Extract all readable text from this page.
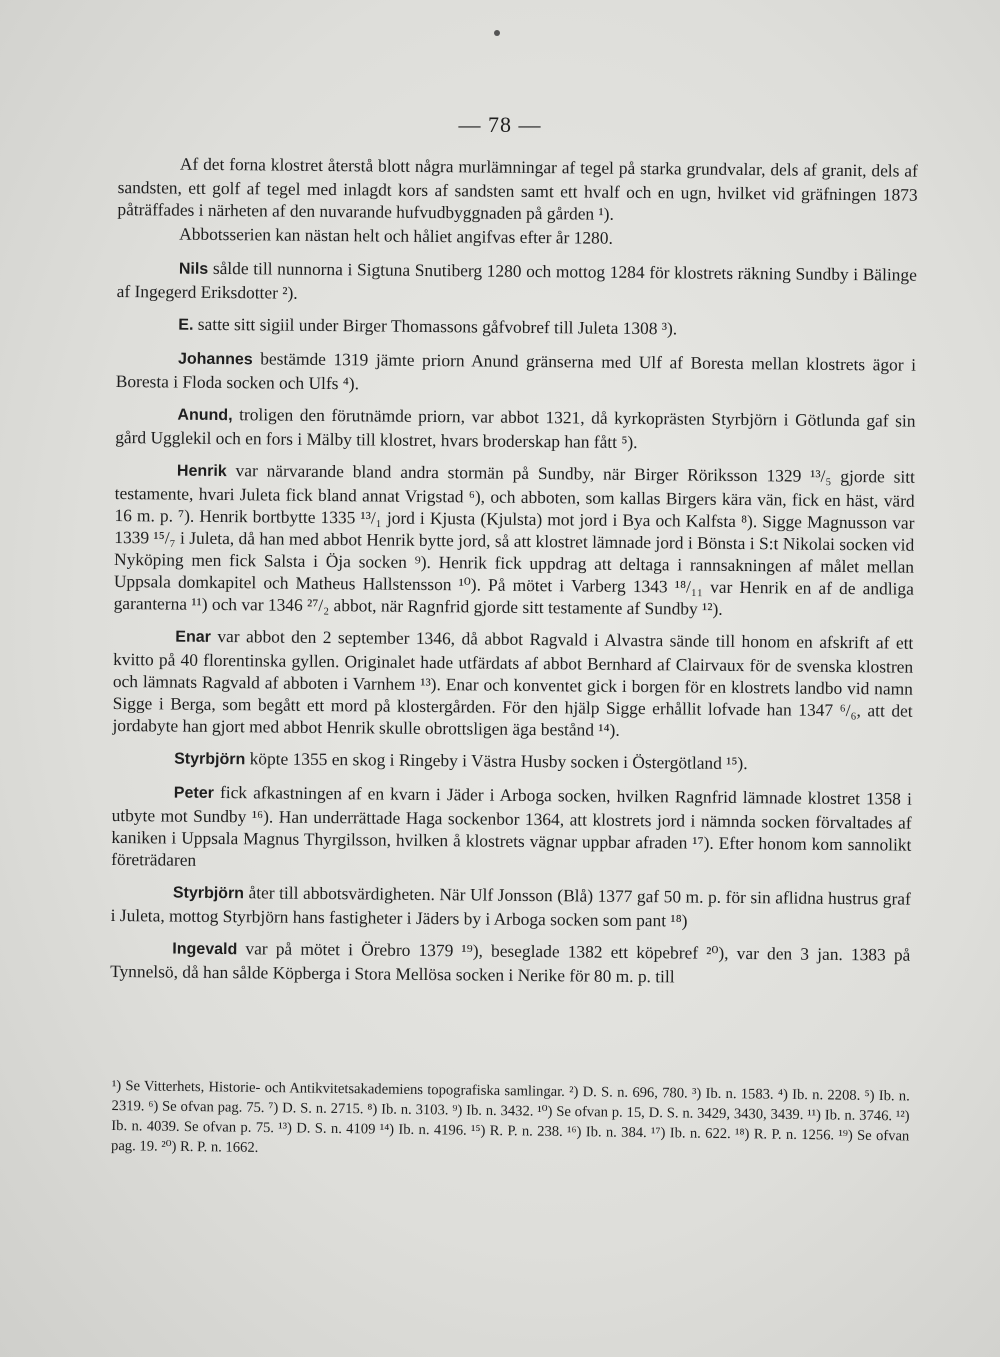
— 78 —

Af det forna klostret återstå blott några murlämningar af tegel på starka grundvalar, dels af granit, dels af sandsten, ett golf af tegel med inlagdt kors af sandsten samt ett hvalf och en ugn, hvilket vid gräfningen 1873 påträffades i närheten af den nuvarande hufvudbyggnaden på gården ¹).

Abbotsserien kan nästan helt och håliet angifvas efter år 1280.

Nils sålde till nunnorna i Sigtuna Snutiberg 1280 och mottog 1284 för klostrets räkning Sundby i Bälinge af Ingegerd Eriksdotter ²).

E. satte sitt sigiil under Birger Thomassons gåfvobref till Juleta 1308 ³).

Johannes bestämde 1319 jämte priorn Anund gränserna med Ulf af Boresta mellan klostrets ägor i Boresta i Floda socken och Ulfs ⁴).

Anund, troligen den förutnämde priorn, var abbot 1321, då kyrkoprästen Styrbjörn i Götlunda gaf sin gård Ugglekil och en fors i Mälby till klostret, hvars broderskap han fått ⁵).

Henrik var närvarande bland andra stormän på Sundby, när Birger Röriksson 1329 ¹³/₅ gjorde sitt testamente, hvari Juleta fick bland annat Vrigstad ⁶), och abboten, som kallas Birgers kära vän, fick en häst, värd 16 m. p. ⁷). Henrik bortbytte 1335 ¹³/₁ jord i Kjusta (Kjulsta) mot jord i Bya och Kalfsta ⁸). Sigge Magnusson var 1339 ¹⁵/₇ i Juleta, då han med abbot Henrik bytte jord, så att klostret lämnade jord i Bönsta i S:t Nikolai socken vid Nyköping men fick Salsta i Öja socken ⁹). Henrik fick uppdrag att deltaga i rannsakningen af målet mellan Uppsala domkapitel och Matheus Hallstensson ¹⁰). På mötet i Varberg 1343 ¹⁸/₁₁ var Henrik en af de andliga garanterna ¹¹) och var 1346 ²⁷/₂ abbot, när Ragnfrid gjorde sitt testamente af Sundby ¹²).

Enar var abbot den 2 september 1346, då abbot Ragvald i Alvastra sände till honom en afskrift af ett kvitto på 40 florentinska gyllen. Originalet hade utfärdats af abbot Bernhard af Clairvaux för de svenska klostren och lämnats Ragvald af abboten i Varnhem ¹³). Enar och konventet gick i borgen för en klostrets landbo vid namn Sigge i Berga, som begått ett mord på klostergården. För den hjälp Sigge erhållit lofvade han 1347 ⁶/₆, att det jordabyte han gjort med abbot Henrik skulle obrottsligen äga bestånd ¹⁴).

Styrbjörn köpte 1355 en skog i Ringeby i Västra Husby socken i Östergötland ¹⁵).

Peter fick afkastningen af en kvarn i Jäder i Arboga socken, hvilken Ragnfrid lämnade klostret 1358 i utbyte mot Sundby ¹⁶). Han underrättade Haga sockenbor 1364, att klostrets jord i nämnda socken förvaltades af kaniken i Uppsala Magnus Thyrgilsson, hvilken å klostrets vägnar uppbar afraden ¹⁷). Efter honom kom sannolikt företrädaren

Styrbjörn åter till abbotsvärdigheten. När Ulf Jonsson (Blå) 1377 gaf 50 m. p. för sin aflidna hustrus graf i Juleta, mottog Styrbjörn hans fastigheter i Jäders by i Arboga socken som pant ¹⁸)

Ingevald var på mötet i Örebro 1379 ¹⁹), beseglade 1382 ett köpebref ²⁰), var den 3 jan. 1383 på Tynnelsö, då han sålde Köpberga i Stora Mellösa socken i Nerike för 80 m. p. till

¹) Se Vitterhets, Historie- och Antikvitetsakademiens topografiska samlingar. ²) D. S. n. 696, 780. ³) Ib. n. 1583. ⁴) Ib. n. 2208. ⁵) Ib. n. 2319. ⁶) Se ofvan pag. 75. ⁷) D. S. n. 2715. ⁸) Ib. n. 3103. ⁹) Ib. n. 3432. ¹⁰) Se ofvan p. 15, D. S. n. 3429, 3430, 3439. ¹¹) Ib. n. 3746. ¹²) Ib. n. 4039. Se ofvan p. 75. ¹³) D. S. n. 4109 ¹⁴) Ib. n. 4196. ¹⁵) R. P. n. 238. ¹⁶) Ib. n. 384. ¹⁷) Ib. n. 622. ¹⁸) R. P. n. 1256. ¹⁹) Se ofvan pag. 19. ²⁰) R. P. n. 1662.
